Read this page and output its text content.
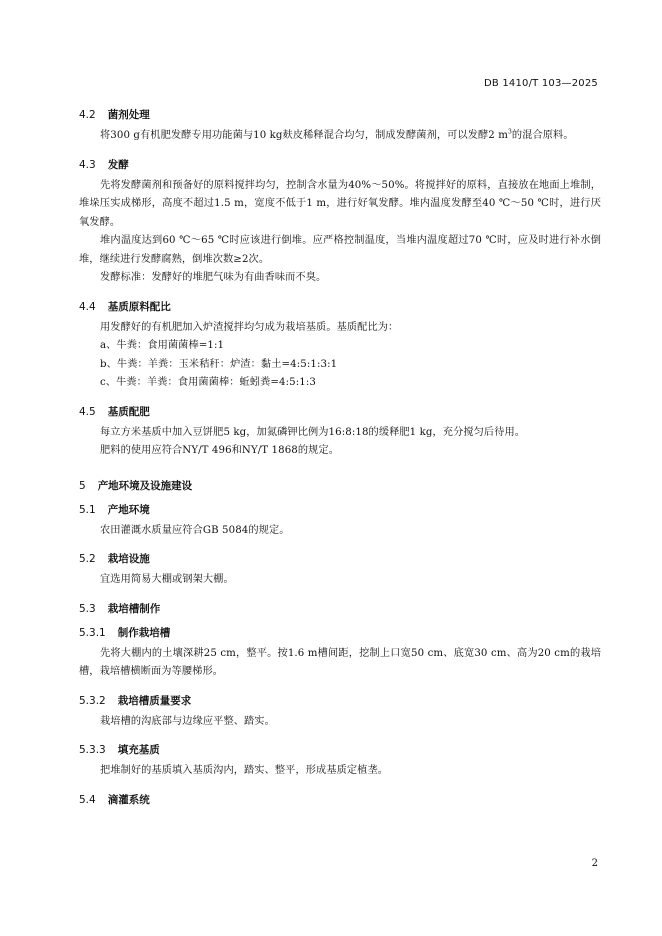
DB 1410/T 103—2025
4.2 菌剂处理

将300 g有机肥发酵专用功能菌与10 kg麸皮稀释混合均匀，制成发酵菌剂，可以发酵2 $m^3$的混合原料。

4.3 发酵

先将发酵菌剂和预备好的原料搅拌均匀，控制含水量为40%～50%。将搅拌好的原料，直接放在地面上堆制，堆垛压实成梯形，高度不超过1.5 m，宽度不低于1 m，进行好氧发酵。堆内温度发酵至40 ℃～50 ℃时，进行厌氧发酵。

堆内温度达到60 ℃～65 ℃时应该进行倒堆。应严格控制温度，当堆内温度超过70 ℃时，应及时进行补水倒堆，继续进行发酵腐熟，倒堆次数≥2次。

发酵标准：发酵好的堆肥气味为有曲香味而不臭。

4.4 基质原料配比

用发酵好的有机肥加入炉渣搅拌均匀成为栽培基质。基质配比为：

a、牛粪：食用菌菌棒=1:1

b、牛粪：羊粪：玉米秸秆：炉渣：黏土=4:5:1:3:1

c、牛粪：羊粪：食用菌菌棒：蚯蚓粪=4:5:1:3

4.5 基质配肥

每立方米基质中加入豆饼肥5 kg，加氮磷钾比例为16:8:18的缓释肥1 kg，充分搅匀后待用。

肥料的使用应符合NY/T 496和NY/T 1868的规定。

5 产地环境及设施建设
5.1 产地环境

农田灌溉水质量应符合GB 5084的规定。

5.2 栽培设施

宜选用简易大棚或钢架大棚。

5.3 栽培槽制作
5.3.1 制作栽培槽

先将大棚内的土壤深耕25 cm，整平。按1.6 m槽间距，挖制上口宽50 cm、底宽30 cm、高为20 cm的栽培槽，栽培槽横断面为等腰梯形。

5.3.2 栽培槽质量要求

栽培槽的沟底部与边缘应平整、踏实。

5.3.3 填充基质

把堆制好的基质填入基质沟内，踏实、整平，形成基质定植垄。

5.4 滴灌系统
2
